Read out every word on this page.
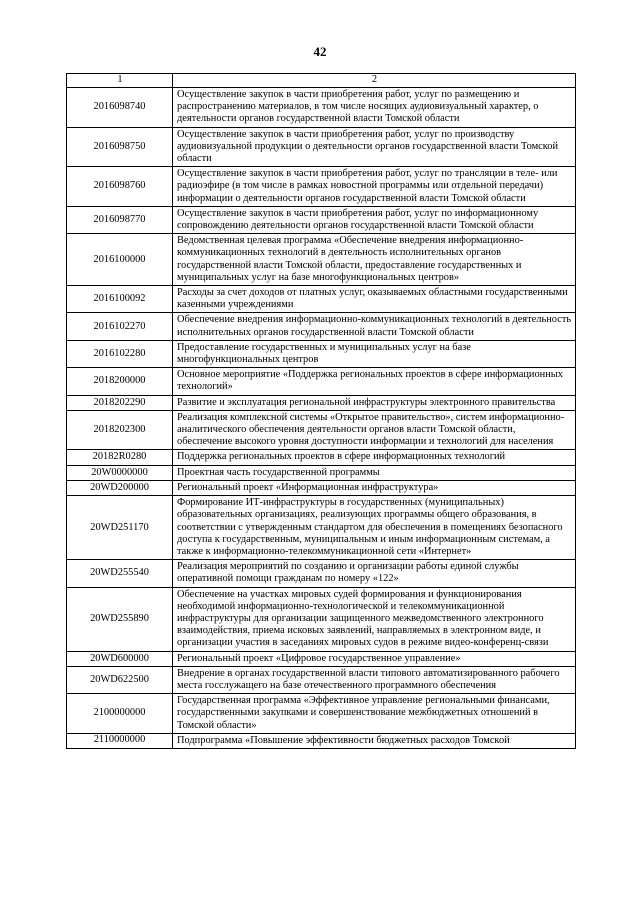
42
1	2
2016098740	Осуществление закупок в части приобретения работ, услуг по размещению и распространению материалов, в том числе носящих аудиовизуальный характер, о деятельности органов государственной власти Томской области
2016098750	Осуществление закупок в части приобретения работ, услуг по производству аудиовизуальной продукции о деятельности органов государственной власти Томской области
2016098760	Осуществление закупок в части приобретения работ, услуг по трансляции в теле- или радиоэфире (в том числе в рамках новостной программы или отдельной передачи) информации о деятельности органов государственной власти Томской области
2016098770	Осуществление закупок в части приобретения работ, услуг по информационному сопровождению деятельности органов государственной власти Томской области
2016100000	Ведомственная целевая программа «Обеспечение внедрения информационно-коммуникационных технологий в деятельность исполнительных органов государственной власти Томской области, предоставление государственных и муниципальных услуг на базе многофункциональных центров»
2016100092	Расходы за счет доходов от платных услуг, оказываемых областными государственными казенными учреждениями
2016102270	Обеспечение внедрения информационно-коммуникационных технологий в деятельность исполнительных органов государственной власти Томской области
2016102280	Предоставление государственных и муниципальных услуг на базе многофункциональных центров
2018200000	Основное мероприятие «Поддержка региональных проектов в сфере информационных технологий»
2018202290	Развитие и эксплуатация региональной инфраструктуры электронного правительства
2018202300	Реализация комплексной системы «Открытое правительство», систем информационно-аналитического обеспечения деятельности органов власти Томской области, обеспечение высокого уровня доступности информации и технологий для населения
20182R0280	Поддержка региональных проектов в сфере информационных технологий
20W0000000	Проектная часть государственной программы
20WD200000	Региональный проект «Информационная инфраструктура»
20WD251170	Формирование ИТ-инфраструктуры в государственных (муниципальных) образовательных организациях, реализующих программы общего образования, в соответствии с утвержденным стандартом для обеспечения в помещениях безопасного доступа к государственным, муниципальным и иным информационным системам, а также к информационно-телекоммуникационной сети «Интернет»
20WD255540	Реализация мероприятий по созданию и организации работы единой службы оперативной помощи гражданам по номеру «122»
20WD255890	Обеспечение на участках мировых судей формирования и функционирования необходимой информационно-технологической и телекоммуникационной инфраструктуры для организации защищенного межведомственного электронного взаимодействия, приема исковых заявлений, направляемых в электронном виде, и организации участия в заседаниях мировых судов в режиме видео-конференц-связи
20WD600000	Региональный проект «Цифровое государственное управление»
20WD622500	Внедрение в органах государственной власти типового автоматизированного рабочего места госслужащего на базе отечественного программного обеспечения
2100000000	Государственная программа «Эффективное управление региональными финансами, государственными закупками и совершенствование межбюджетных отношений в Томской области»
2110000000	Подпрограмма «Повышение эффективности бюджетных расходов Томской
